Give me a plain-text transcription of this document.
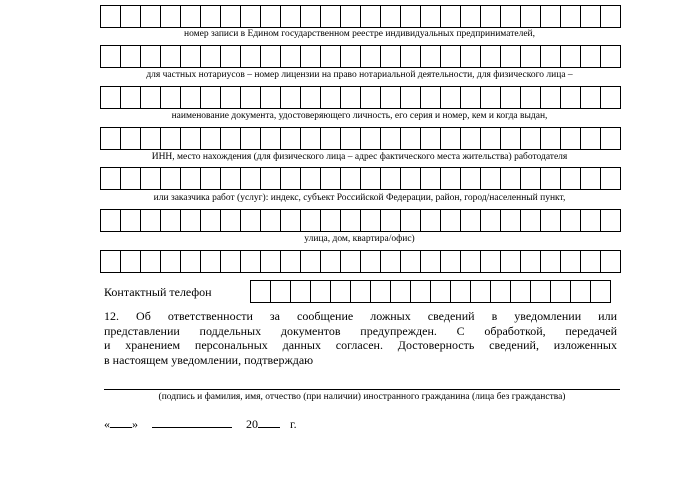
номер записи в Едином государственном реестре индивидуальных предпринимателей,
для частных нотариусов – номер лицензии на право нотариальной деятельности, для физического лица –
наименование документа, удостоверяющего личность, его серия и номер, кем и когда выдан,
ИНН, место нахождения (для физического лица – адрес фактического места жительства) работодателя
или заказчика работ (услуг): индекс, субъект Российской Федерации, район, город/населенный пункт,
улица, дом, квартира/офис)
Контактный телефон
12. Об ответственности за сообщение ложных сведений в уведомлении или
представлении поддельных документов предупрежден. С обработкой, передачей
и хранением персональных данных согласен. Достоверность сведений, изложенных
в настоящем уведомлении, подтверждаю
(подпись и фамилия, имя, отчество (при наличии) иностранного гражданина (лица без гражданства)
« »	20	г.
